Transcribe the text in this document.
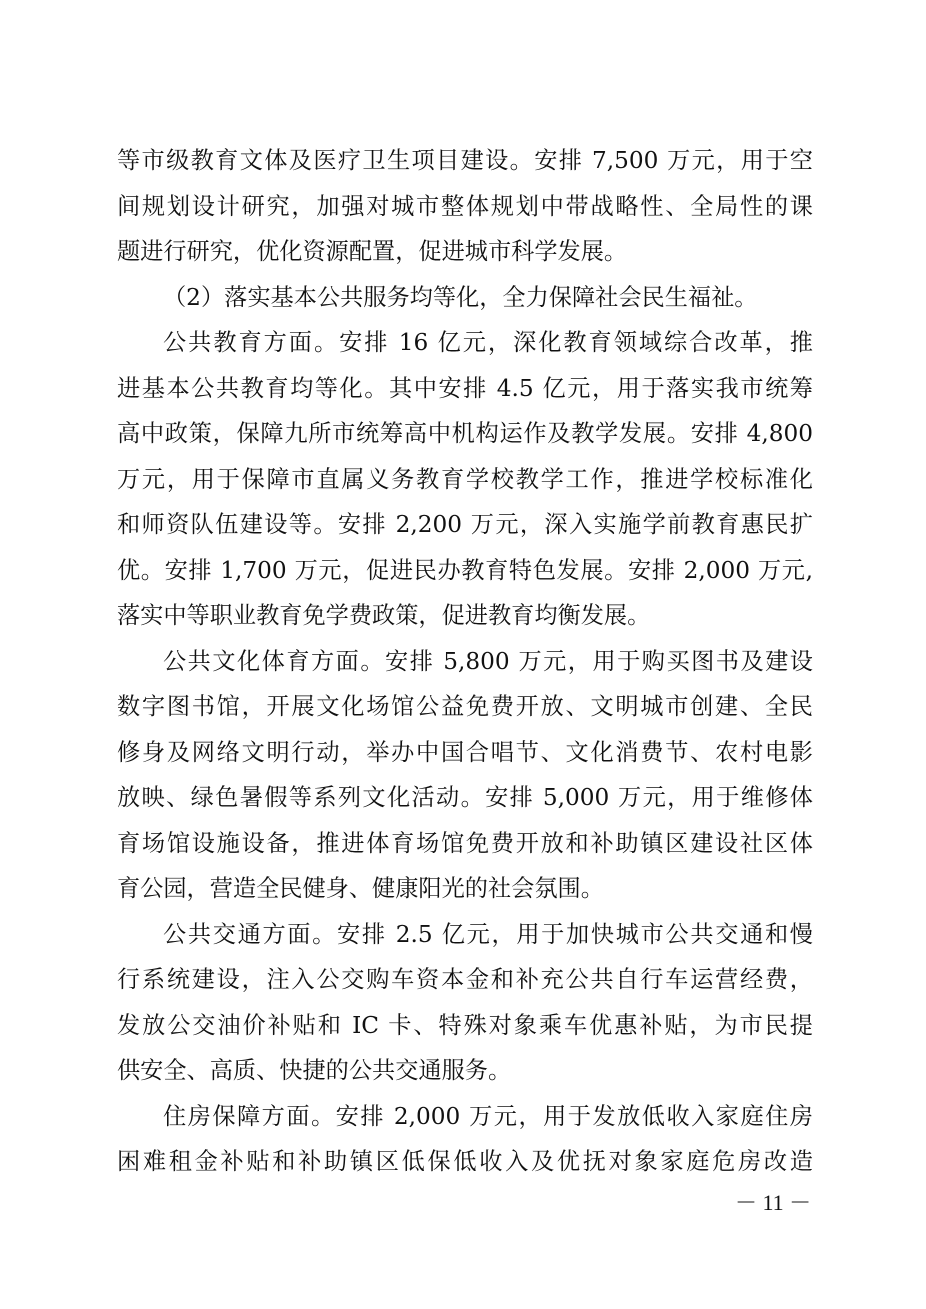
等市级教育文体及医疗卫生项目建设。安排 7,500 万元，用于空
间规划设计研究，加强对城市整体规划中带战略性、全局性的课
题进行研究，优化资源配置，促进城市科学发展。
（2）落实基本公共服务均等化，全力保障社会民生福祉。
公共教育方面。安排 16 亿元，深化教育领域综合改革，推
进基本公共教育均等化。其中安排 4.5 亿元，用于落实我市统筹
高中政策，保障九所市统筹高中机构运作及教学发展。安排 4,800
万元，用于保障市直属义务教育学校教学工作，推进学校标准化
和师资队伍建设等。安排 2,200 万元，深入实施学前教育惠民扩
优。安排 1,700 万元，促进民办教育特色发展。安排 2,000 万元,
落实中等职业教育免学费政策，促进教育均衡发展。
公共文化体育方面。安排 5,800 万元，用于购买图书及建设
数字图书馆，开展文化场馆公益免费开放、文明城市创建、全民
修身及网络文明行动，举办中国合唱节、文化消费节、农村电影
放映、绿色暑假等系列文化活动。安排 5,000 万元，用于维修体
育场馆设施设备，推进体育场馆免费开放和补助镇区建设社区体
育公园，营造全民健身、健康阳光的社会氛围。
公共交通方面。安排 2.5 亿元，用于加快城市公共交通和慢
行系统建设，注入公交购车资本金和补充公共自行车运营经费，
发放公交油价补贴和 IC 卡、特殊对象乘车优惠补贴，为市民提
供安全、高质、快捷的公共交通服务。
住房保障方面。安排 2,000 万元，用于发放低收入家庭住房
困难租金补贴和补助镇区低保低收入及优抚对象家庭危房改造
－ 11 －
